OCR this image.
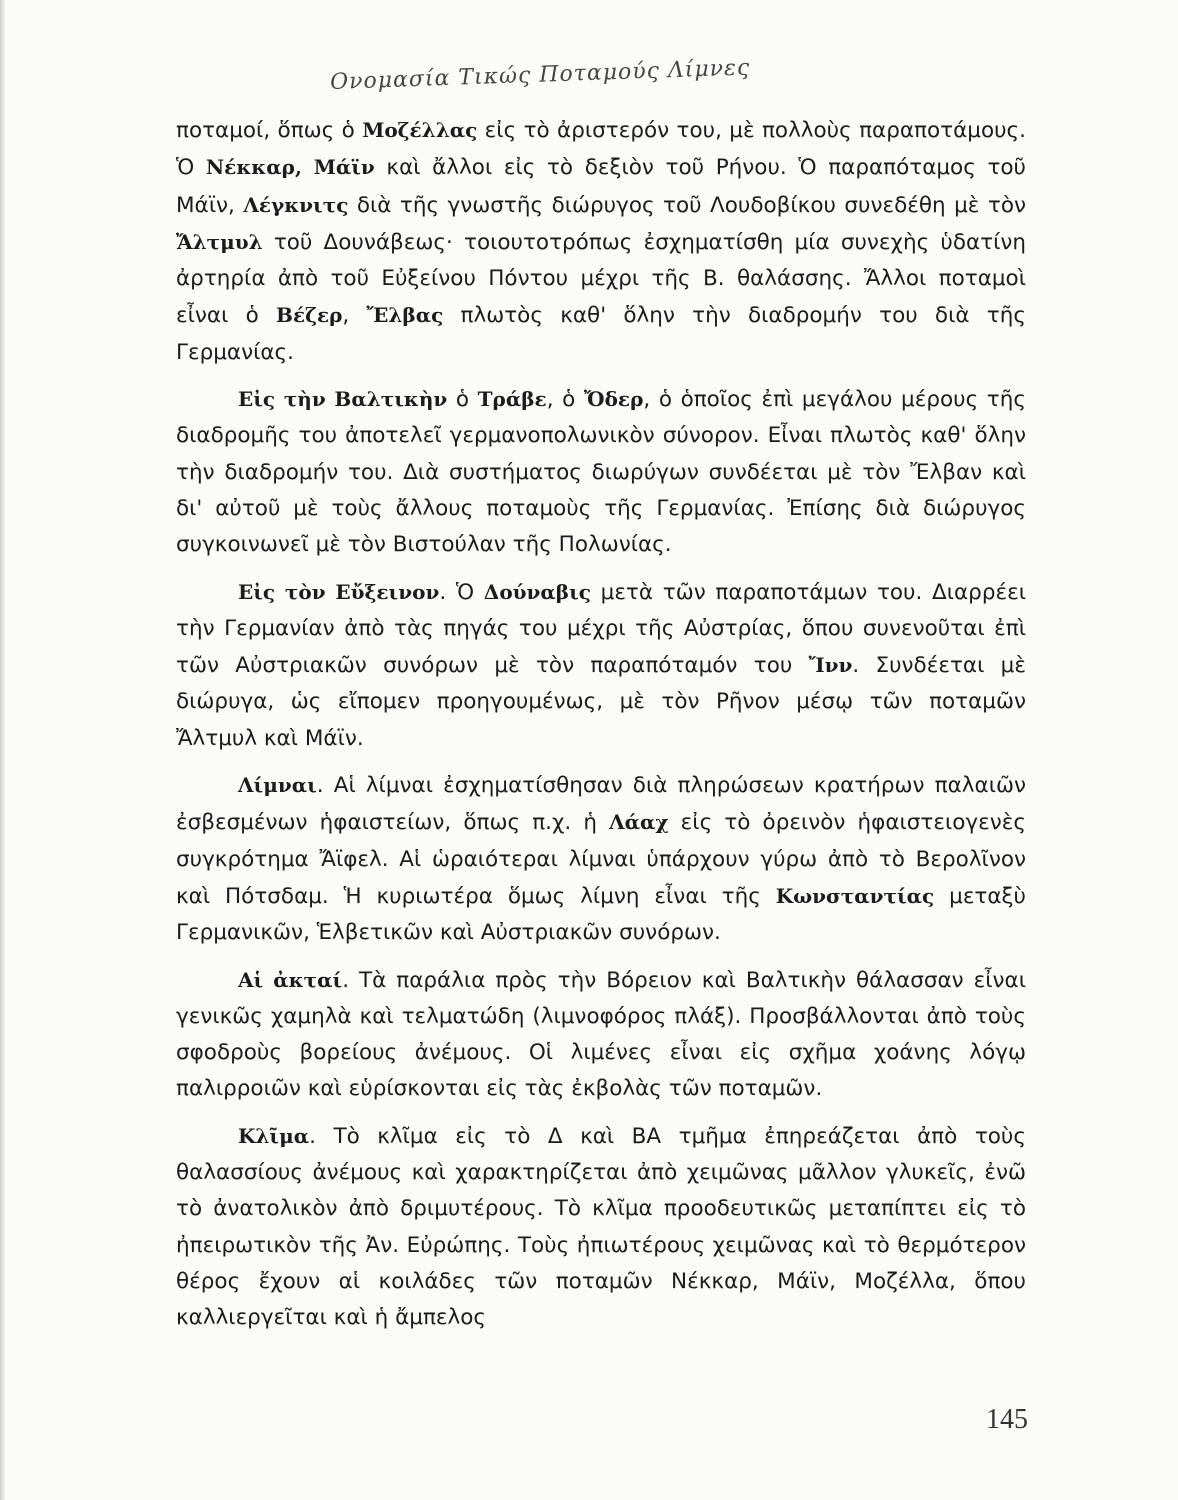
Ονομασία Τικώς Ποταμούς Λίμνες

ποταμοί, ὅπως ὁ Μοζέλλας εἰς τὸ ἀριστερόν του, μὲ πολλοὺς παραποτάμους. Ὁ Νέκκαρ, Μάϊν καὶ ἄλλοι εἰς τὸ δεξιὸν τοῦ Ρήνου. Ὁ παραπόταμος τοῦ Μάϊν, Λέγκνιτς διὰ τῆς γνωστῆς διώρυγος τοῦ Λουδοβίκου συνεδέθη μὲ τὸν Ἄλτμυλ τοῦ Δουνάβεως· τοιουτοτρόπως ἐσχηματίσθη μία συνεχὴς ὑδατίνη ἀρτηρία ἀπὸ τοῦ Εὐξείνου Πόντου μέχρι τῆς Β. θαλάσσης. Ἄλλοι ποταμοὶ εἶναι ὁ Βέζερ, Ἔλβας πλωτὸς καθ' ὅλην τὴν διαδρομήν του διὰ τῆς Γερμανίας.

Εἰς τὴν Βαλτικὴν ὁ Τράβε, ὁ Ὄδερ, ὁ ὁποῖος ἐπὶ μεγάλου μέρους τῆς διαδρομῆς του ἀποτελεῖ γερμανοπολωνικὸν σύνορον. Εἶναι πλωτὸς καθ' ὅλην τὴν διαδρομήν του. Διὰ συστήματος διωρύγων συνδέεται μὲ τὸν Ἔλβαν καὶ δι' αὐτοῦ μὲ τοὺς ἄλλους ποταμοὺς τῆς Γερμανίας. Ἐπίσης διὰ διώρυγος συγκοινωνεῖ μὲ τὸν Βιστούλαν τῆς Πολωνίας.

Εἰς τὸν Εὔξεινον. Ὁ Δούναβις μετὰ τῶν παραποτάμων του. Διαρρέει τὴν Γερμανίαν ἀπὸ τὰς πηγάς του μέχρι τῆς Αὐστρίας, ὅπου συνενοῦται ἐπὶ τῶν Αὐστριακῶν συνόρων μὲ τὸν παραπόταμόν του Ἴνν. Συνδέεται μὲ διώρυγα, ὡς εἴπομεν προηγουμένως, μὲ τὸν Ρῆνον μέσῳ τῶν ποταμῶν Ἄλτμυλ καὶ Μάϊν.

Λίμναι. Αἱ λίμναι ἐσχηματίσθησαν διὰ πληρώσεων κρατήρων παλαιῶν ἐσβεσμένων ἡφαιστείων, ὅπως π.χ. ἡ Λάαχ εἰς τὸ ὀρεινὸν ἡφαιστειογενὲς συγκρότημα Ἄϊφελ. Αἱ ὡραιότεραι λίμναι ὑπάρχουν γύρω ἀπὸ τὸ Βερολῖνον καὶ Πότσδαμ. Ἡ κυριωτέρα ὅμως λίμνη εἶναι τῆς Κωνσταντίας μεταξὺ Γερμανικῶν, Ἑλβετικῶν καὶ Αὐστριακῶν συνόρων.

Αἱ ἀκταί. Τὰ παράλια πρὸς τὴν Βόρειον καὶ Βαλτικὴν θάλασσαν εἶναι γενικῶς χαμηλὰ καὶ τελματώδη (λιμνοφόρος πλάξ). Προσβάλλονται ἀπὸ τοὺς σφοδροὺς βορείους ἀνέμους. Οἱ λιμένες εἶναι εἰς σχῆμα χοάνης λόγῳ παλιρροιῶν καὶ εὑρίσκονται εἰς τὰς ἐκβολὰς τῶν ποταμῶν.

Κλῖμα. Τὸ κλῖμα εἰς τὸ Δ καὶ ΒΑ τμῆμα ἐπηρεάζεται ἀπὸ τοὺς θαλασσίους ἀνέμους καὶ χαρακτηρίζεται ἀπὸ χειμῶνας μᾶλλον γλυκεῖς, ἐνῶ τὸ ἀνατολικὸν ἀπὸ δριμυτέρους. Τὸ κλῖμα προοδευτικῶς μεταπίπτει εἰς τὸ ἠπειρωτικὸν τῆς Ἀν. Εὐρώπης. Τοὺς ἠπιωτέρους χειμῶνας καὶ τὸ θερμότερον θέρος ἔχουν αἱ κοιλάδες τῶν ποταμῶν Νέκκαρ, Μάϊν, Μοζέλλα, ὅπου καλλιεργεῖται καὶ ἡ ἄμπελος

145
